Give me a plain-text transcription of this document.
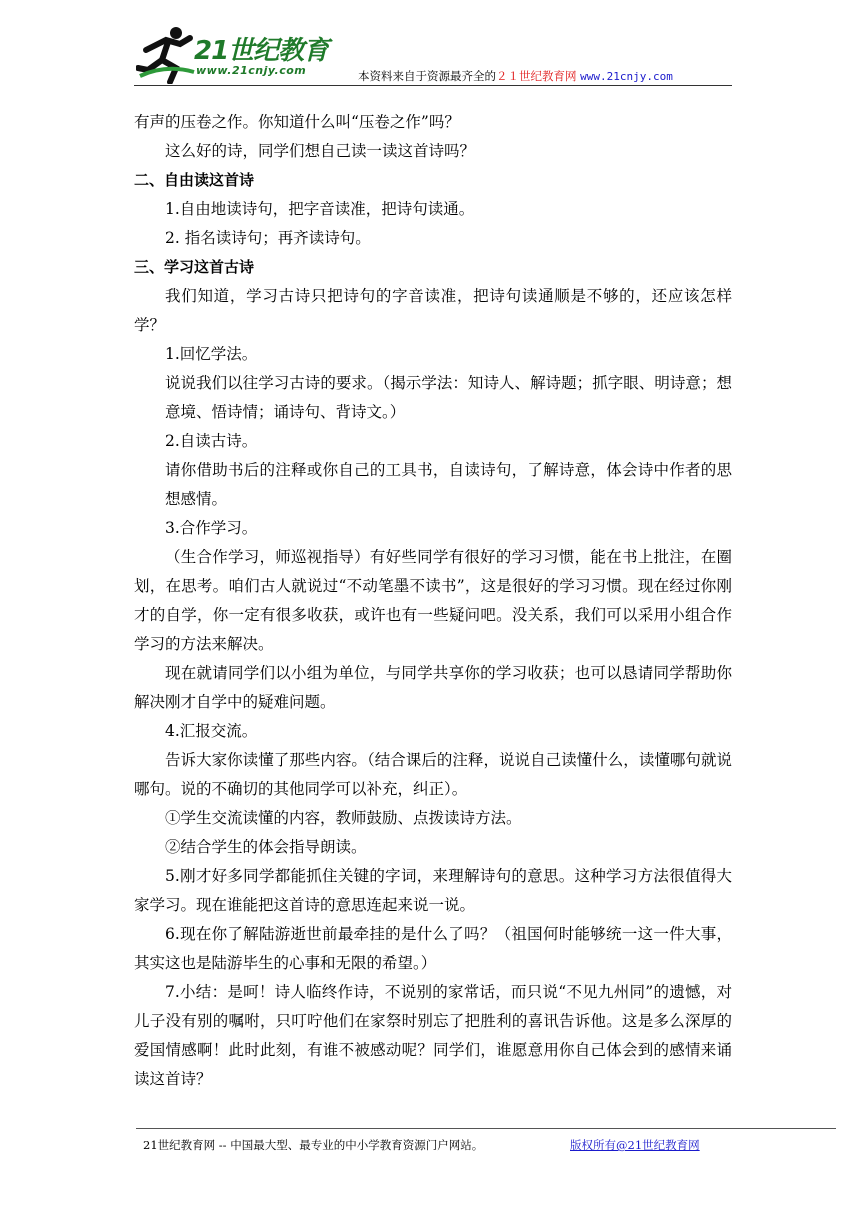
21世纪教育
www.21cnjy.com	本资料来自于资源最齐全的２１世纪教育网 www.21cnjy.com

有声的压卷之作。你知道什么叫“压卷之作”吗？

这么好的诗，同学们想自己读一读这首诗吗？

二、自由读这首诗

1.自由地读诗句，把字音读准，把诗句读通。

2. 指名读诗句；再齐读诗句。

三、学习这首古诗

我们知道，学习古诗只把诗句的字音读准，把诗句读通顺是不够的，还应该怎样学？

1.回忆学法。

说说我们以往学习古诗的要求。（揭示学法：知诗人、解诗题；抓字眼、明诗意；想意境、悟诗情；诵诗句、背诗文。）

2.自读古诗。

请你借助书后的注释或你自己的工具书，自读诗句，了解诗意，体会诗中作者的思想感情。

3.合作学习。

（生合作学习，师巡视指导）有好些同学有很好的学习习惯，能在书上批注，在圈划，在思考。咱们古人就说过“不动笔墨不读书”，这是很好的学习习惯。现在经过你刚才的自学，你一定有很多收获，或许也有一些疑问吧。没关系，我们可以采用小组合作学习的方法来解决。

现在就请同学们以小组为单位，与同学共享你的学习收获；也可以恳请同学帮助你解决刚才自学中的疑难问题。

4.汇报交流。

告诉大家你读懂了那些内容。（结合课后的注释，说说自己读懂什么，读懂哪句就说哪句。说的不确切的其他同学可以补充，纠正）。

①学生交流读懂的内容，教师鼓励、点拨读诗方法。

②结合学生的体会指导朗读。

5.刚才好多同学都能抓住关键的字词，来理解诗句的意思。这种学习方法很值得大家学习。现在谁能把这首诗的意思连起来说一说。

6.现在你了解陆游逝世前最牵挂的是什么了吗？（祖国何时能够统一这一件大事，其实这也是陆游毕生的心事和无限的希望。）

7.小结：是呵！诗人临终作诗，不说别的家常话，而只说“不见九州同”的遗憾，对儿子没有别的嘱咐，只叮咛他们在家祭时别忘了把胜利的喜讯告诉他。这是多么深厚的爱国情感啊！此时此刻，有谁不被感动呢？同学们，谁愿意用你自己体会到的感情来诵读这首诗？

21世纪教育网 -- 中国最大型、最专业的中小学教育资源门户网站。	版权所有@21世纪教育网
